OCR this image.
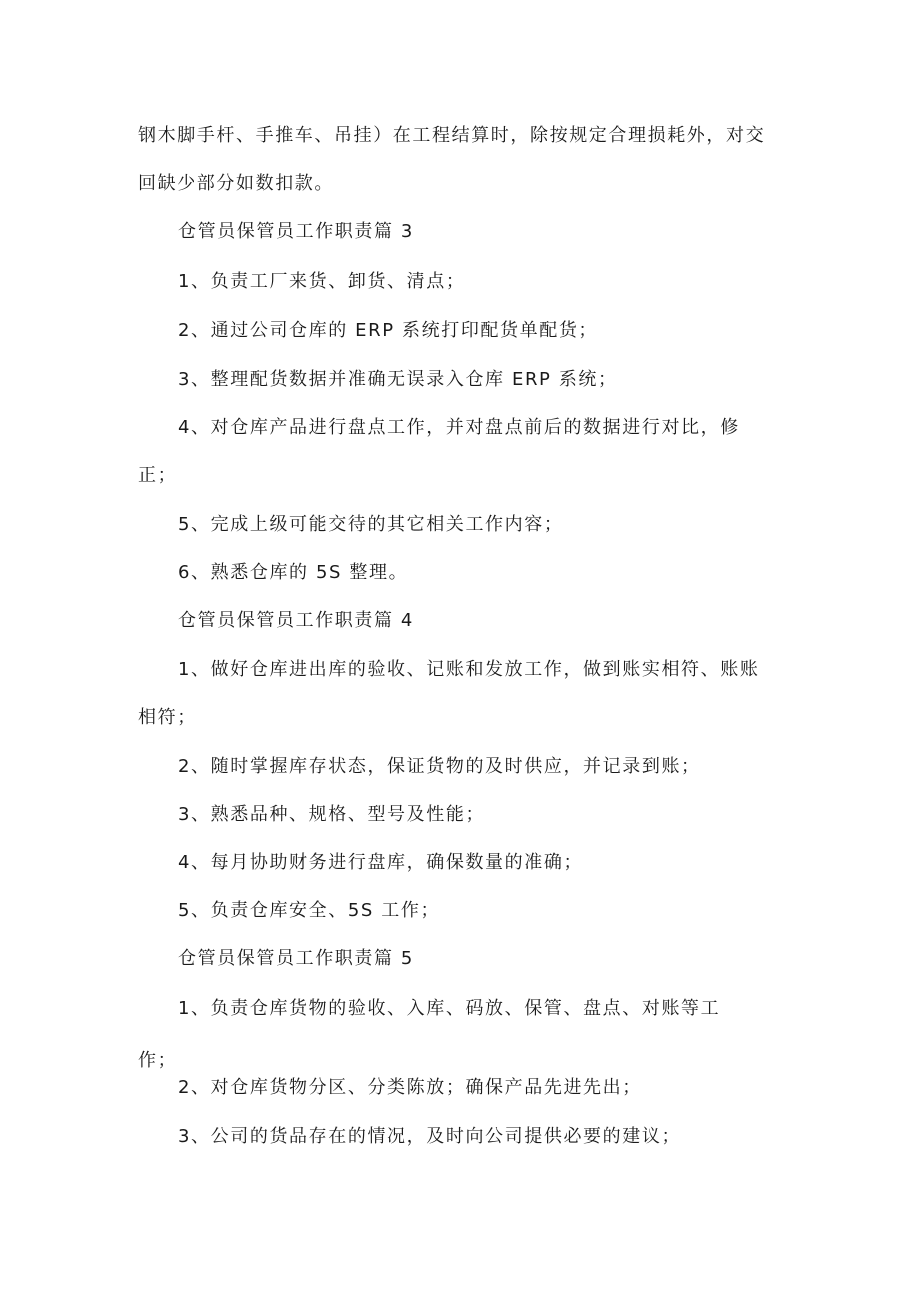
钢木脚手杆、手推车、吊挂）在工程结算时，除按规定合理损耗外，对交

回缺少部分如数扣款。

仓管员保管员工作职责篇 3

1、负责工厂来货、卸货、清点；

2、通过公司仓库的 ERP 系统打印配货单配货；

3、整理配货数据并准确无误录入仓库 ERP 系统；

4、对仓库产品进行盘点工作，并对盘点前后的数据进行对比，修

正；

5、完成上级可能交待的其它相关工作内容；

6、熟悉仓库的 5S 整理。

仓管员保管员工作职责篇 4

1、做好仓库进出库的验收、记账和发放工作，做到账实相符、账账

相符；

2、随时掌握库存状态，保证货物的及时供应，并记录到账；

3、熟悉品种、规格、型号及性能；

4、每月协助财务进行盘库，确保数量的准确；

5、负责仓库安全、5S 工作；

仓管员保管员工作职责篇 5

1、负责仓库货物的验收、入库、码放、保管、盘点、对账等工

作；

2、对仓库货物分区、分类陈放；确保产品先进先出；

3、公司的货品存在的情况，及时向公司提供必要的建议；
